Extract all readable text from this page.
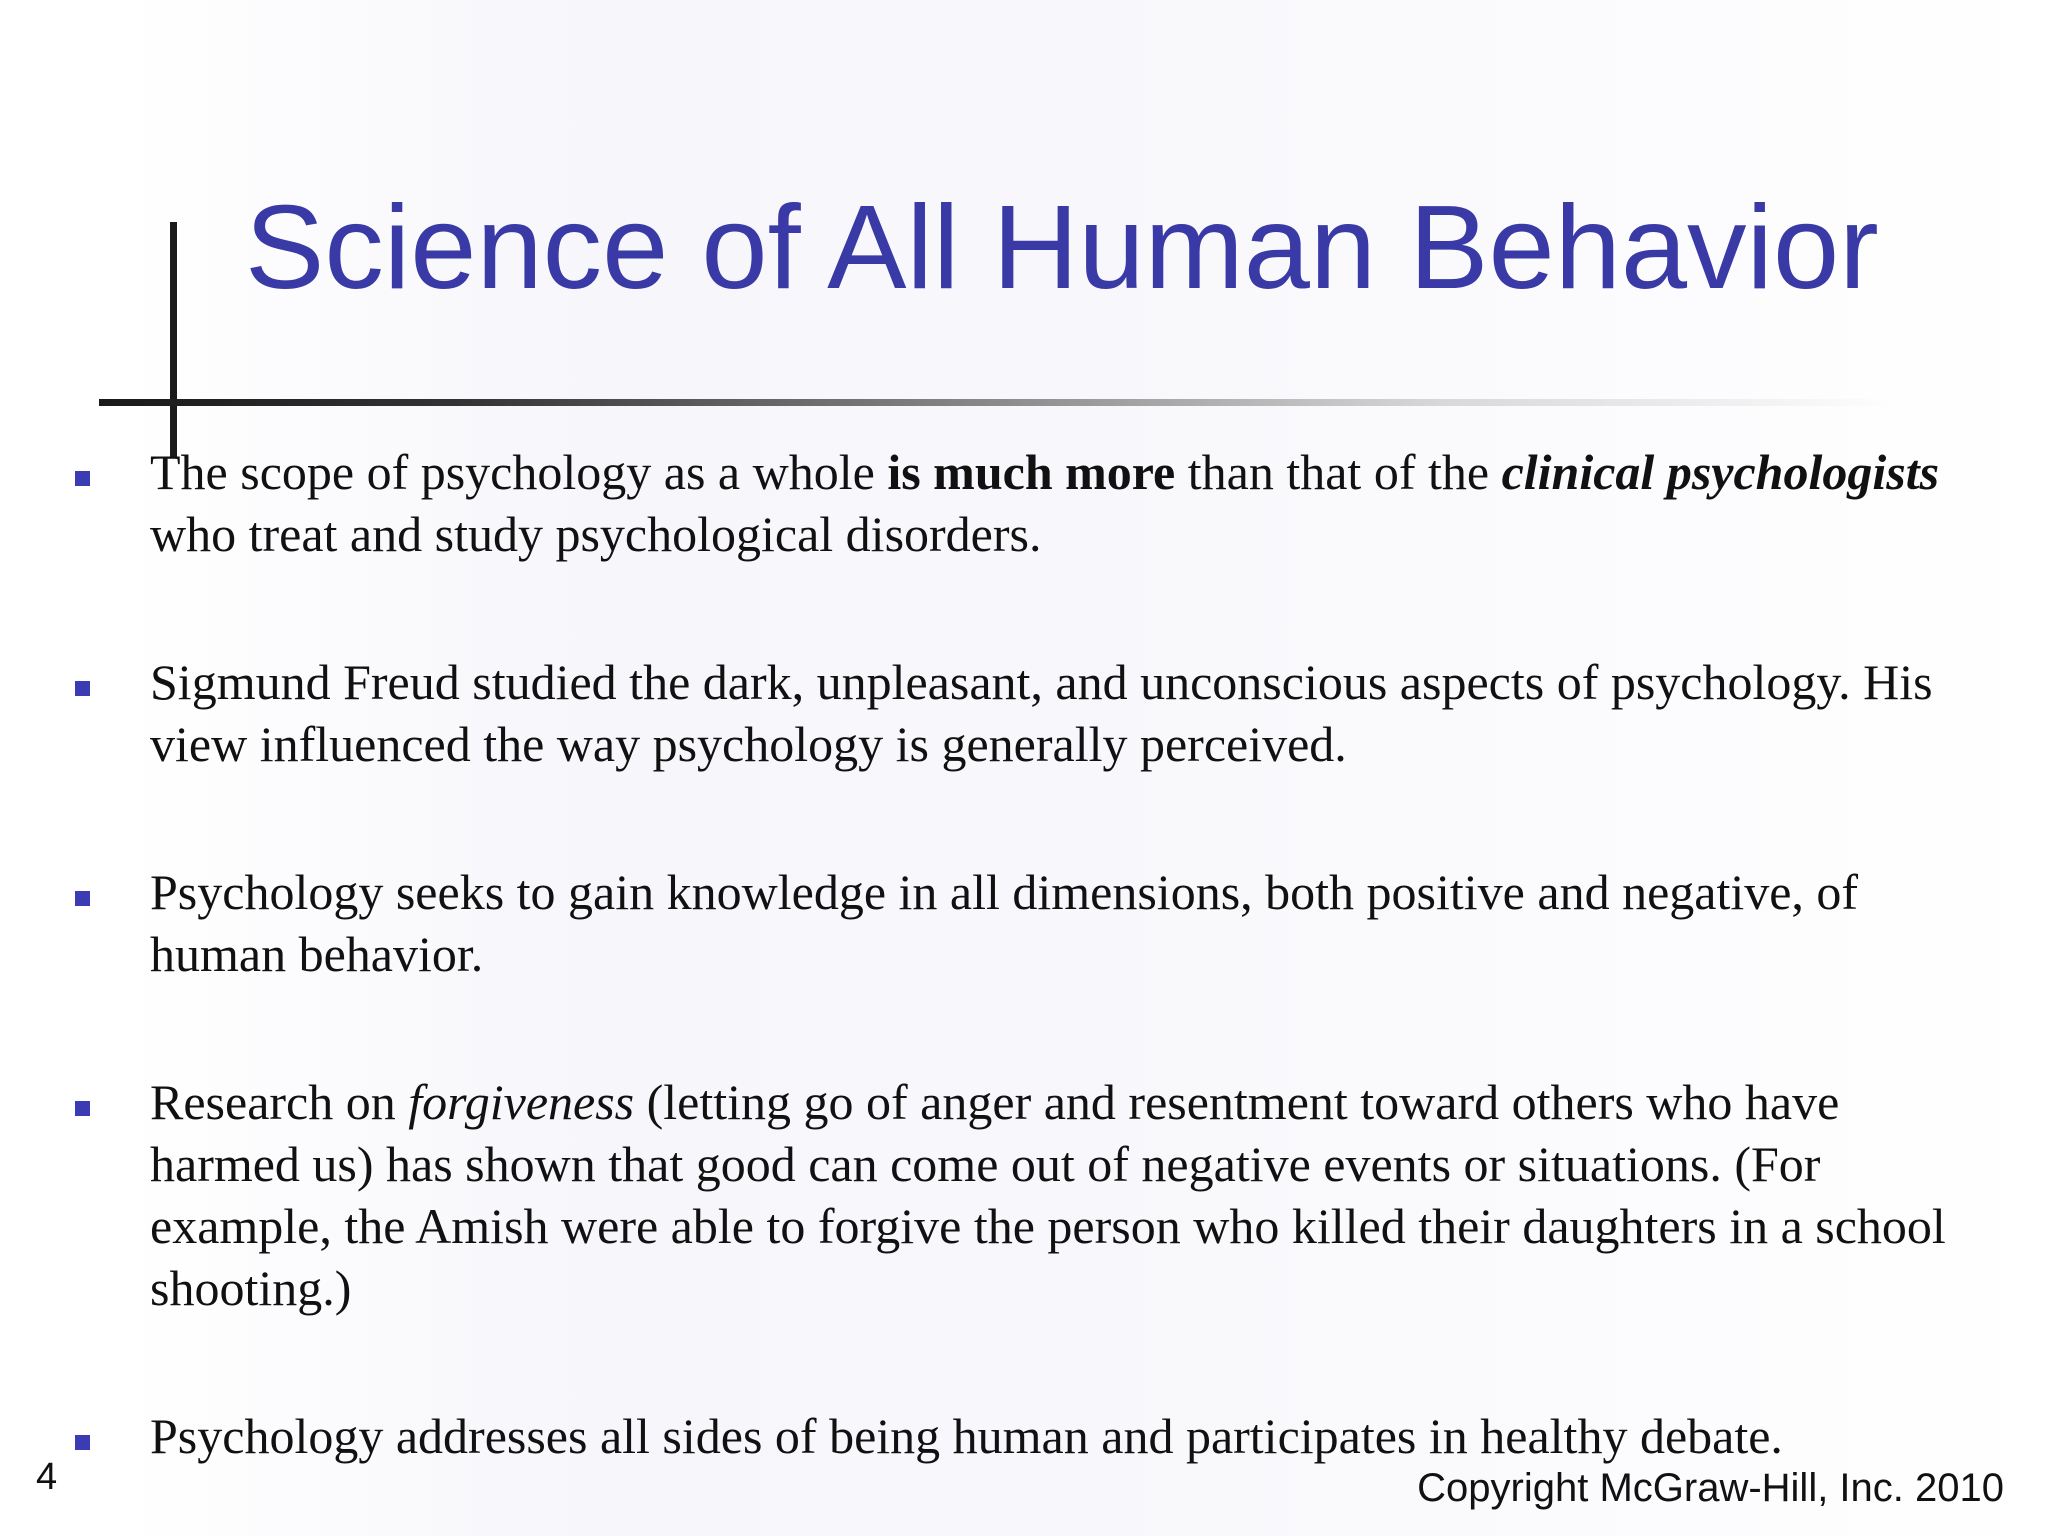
Science of All Human Behavior
The scope of psychology as a whole is much more than that of the clinical psychologists who treat and study psychological disorders.
Sigmund Freud studied the dark, unpleasant, and unconscious aspects of psychology. His view influenced the way psychology is generally perceived.
Psychology seeks to gain knowledge in all dimensions, both positive and negative, of human behavior.
Research on forgiveness (letting go of anger and resentment toward others who have harmed us) has shown that good can come out of negative events or situations. (For example, the Amish were able to forgive the person who killed their daughters in a school shooting.)
Psychology addresses all sides of being human and participates in healthy debate.
4	Copyright McGraw-Hill, Inc. 2010
